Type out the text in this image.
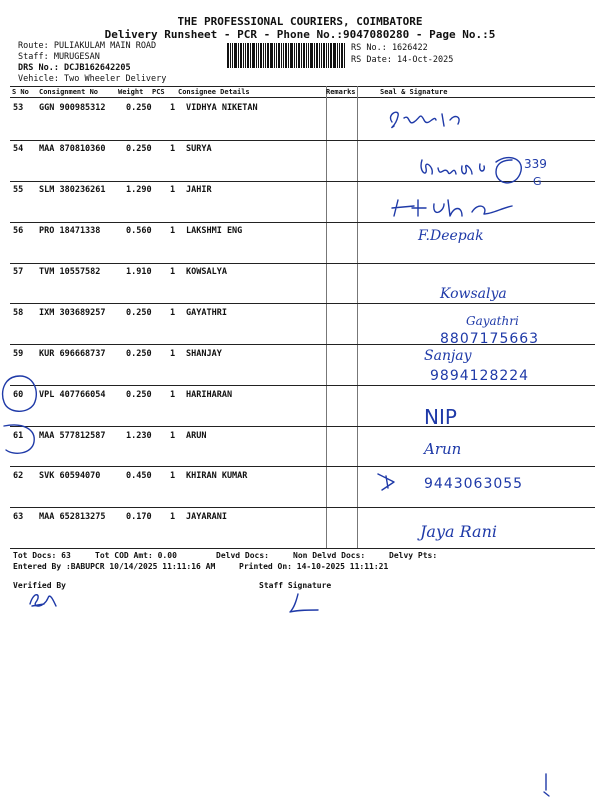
THE PROFESSIONAL COURIERS, COIMBATORE
Delivery Runsheet - PCR - Phone No.:9047080280 - Page No.:5
Route: PULIAKULAM MAIN ROAD
Staff: MURUGESAN
DRS No.: DCJB162642205
Vehicle: Two Wheeler Delivery
RS No.: 1626422
RS Date: 14-Oct-2025
S No Consignment No	Weight PCS Consignee Details	Remarks	Seal & Signature
53 GGN 900985312 0.250 1 VIDHYA NIKETAN
54 MAA 870810360 0.250 1 SURYA
55 SLM 380236261 1.290 1 JAHIR
56 PRO 18471338	0.560 1 LAKSHMI ENG
57 TVM 10557582	1.910 1 KOWSALYA
58 IXM 303689257 0.250 1 GAYATHRI
59 KUR 696668737 0.250 1 SHANJAY
60 VPL 407766054 0.250 1 HARIHARAN
61 MAA 577812587 1.230 1 ARUN
62 SVK 60594070	0.450 1 KHIRAN KUMAR
63 MAA 652813275 0.170 1 JAYARANI
339
G
F.Deepak
Kowsalya
Gayathri
8807175663
Sanjay
9894128224
NIP
Arun
9443063055
Jaya Rani
Tot Docs: 63	Tot COD Amt: 0.00	Delvd Docs:	Non Delvd Docs:	Delvy Pts:
Entered By :BABUPCR 10/14/2025 11:11:16 AM	Printed On: 14-10-2025 11:11:21
Verified By	Staff Signature
